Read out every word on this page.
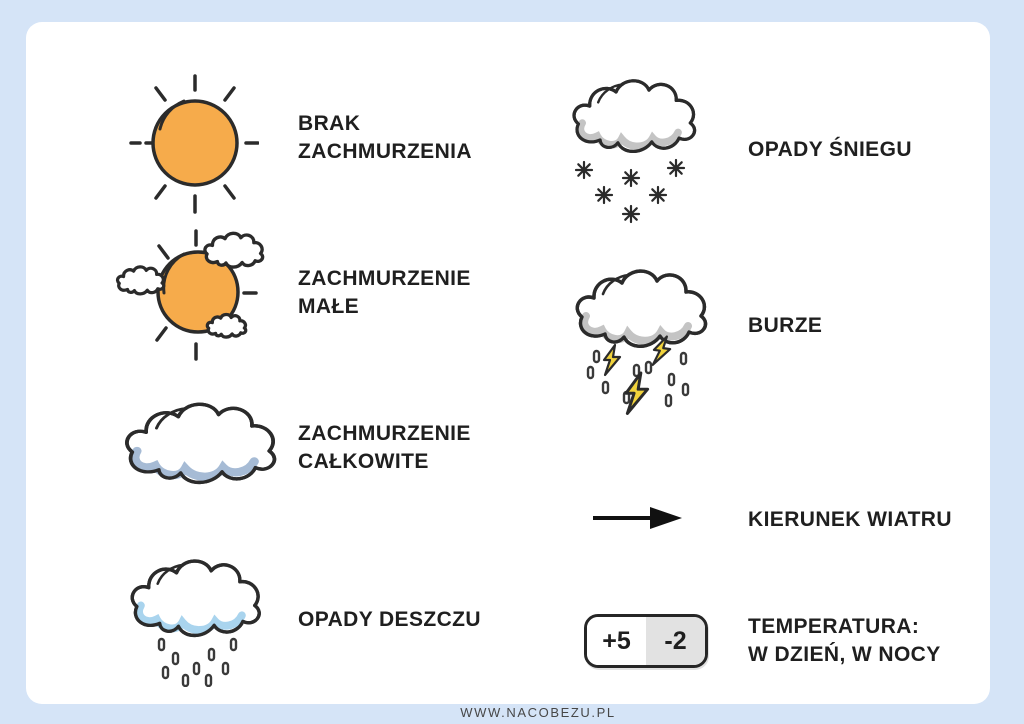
BRAK
ZACHMURZENIA
ZACHMURZENIE
MAŁE
ZACHMURZENIE
CAŁKOWITE
OPADY DESZCZU
OPADY ŚNIEGU
BURZE
KIERUNEK WIATRU
+5	-2	TEMPERATURA:
W DZIEŃ, W NOCY
WWW.NACOBEZU.PL
